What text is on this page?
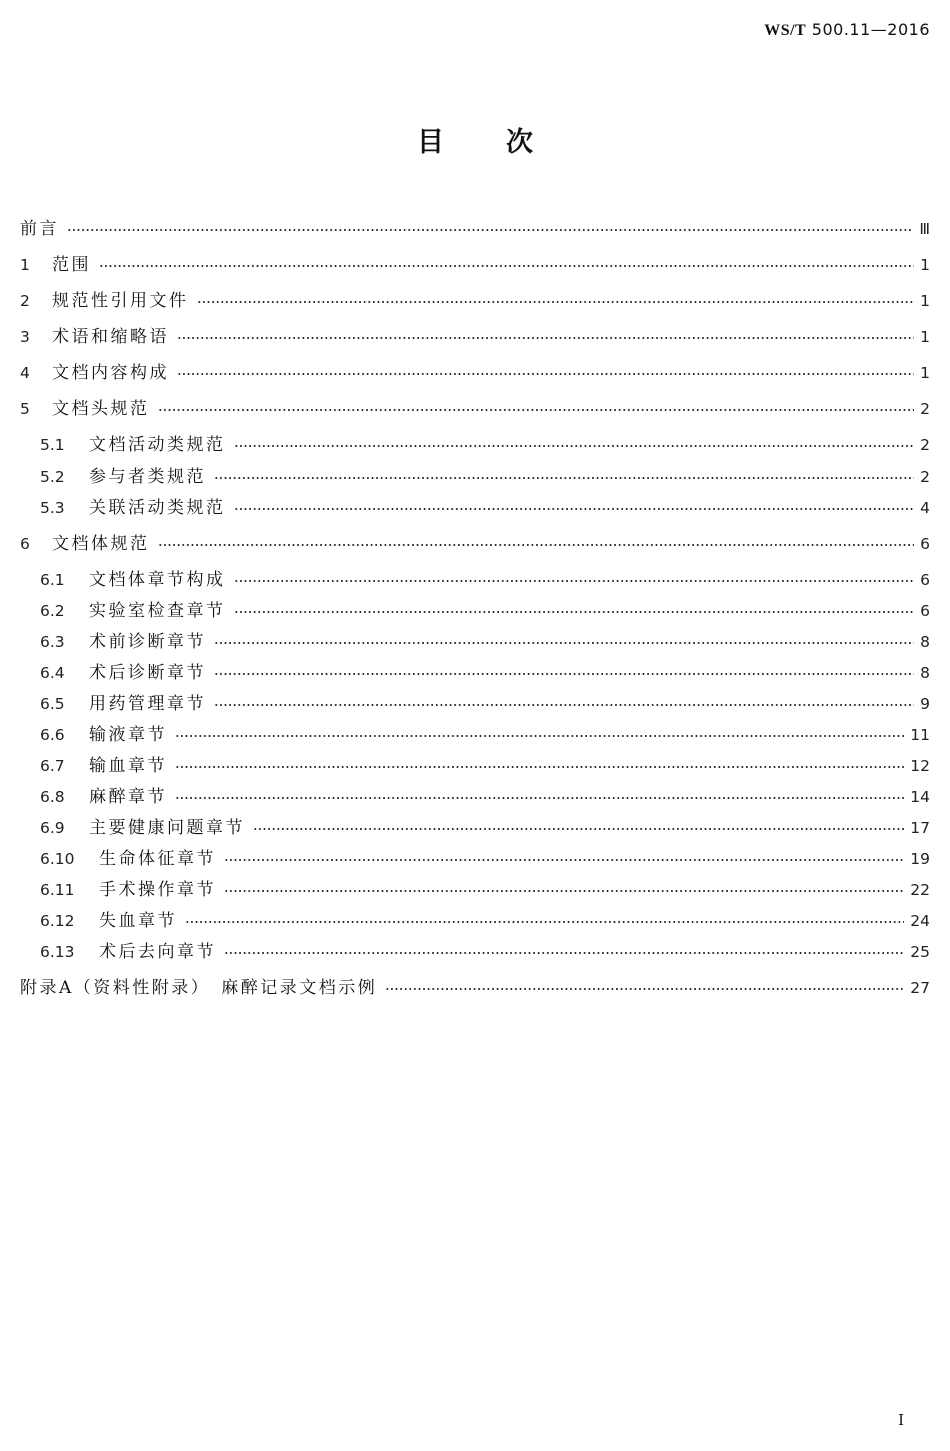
WS/T 500.11—2016
目次
前言	Ⅲ
1	范围	1
2	规范性引用文件	1
3	术语和缩略语	1
4	文档内容构成	1
5	文档头规范	2
5.1	文档活动类规范	2
5.2	参与者类规范	2
5.3	关联活动类规范	4
6	文档体规范	6
6.1	文档体章节构成	6
6.2	实验室检查章节	6
6.3	术前诊断章节	8
6.4	术后诊断章节	8
6.5	用药管理章节	9
6.6	输液章节	11
6.7	输血章节	12
6.8	麻醉章节	14
6.9	主要健康问题章节	17
6.10	生命体征章节	19
6.11	手术操作章节	22
6.12	失血章节	24
6.13	术后去向章节	25
附录A（资料性附录）　麻醉记录文档示例	27
I
